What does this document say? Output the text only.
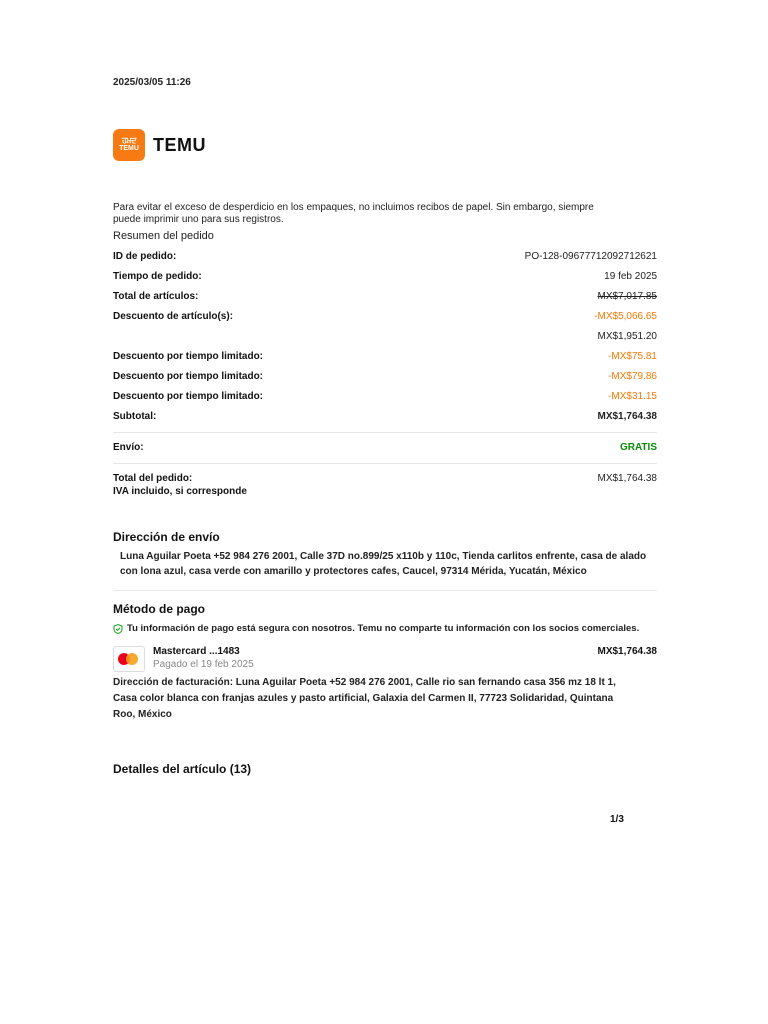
2025/03/05 11:26
ਹਮ਼ਦ
TEMU TEMU
Para evitar el exceso de desperdicio en los empaques, no incluimos recibos de papel. Sin embargo, siempre puede imprimir uno para sus registros.
Resumen del pedido
ID de pedido:	PO-128-09677712092712621
Tiempo de pedido:	19 feb 2025
Total de artículos:	MX$7,017.85
Descuento de artículo(s):	-MX$5,066.65
MX$1,951.20
Descuento por tiempo limitado:	-MX$75.81
Descuento por tiempo limitado:	-MX$79.86
Descuento por tiempo limitado:	-MX$31.15
Subtotal:	MX$1,764.38
Envío:	GRATIS
Total del pedido:	MX$1,764.38
IVA incluido, si corresponde
Dirección de envío
Luna Aguilar Poeta +52 984 276 2001, Calle 37D no.899/25 x110b y 110c, Tienda carlitos enfrente, casa de alado con lona azul, casa verde con amarillo y protectores cafes, Caucel, 97314 Mérida, Yucatán, México
Método de pago
Tu información de pago está segura con nosotros. Temu no comparte tu información con los socios comerciales.
Mastercard ...1483
Pagado el 19 feb 2025
MX$1,764.38
Dirección de facturación: Luna Aguilar Poeta +52 984 276 2001, Calle rio san fernando casa 356 mz 18 lt 1, Casa color blanca con franjas azules y pasto artificial, Galaxia del Carmen II, 77723 Solidaridad, Quintana Roo, México
Detalles del artículo (13)
1/3
